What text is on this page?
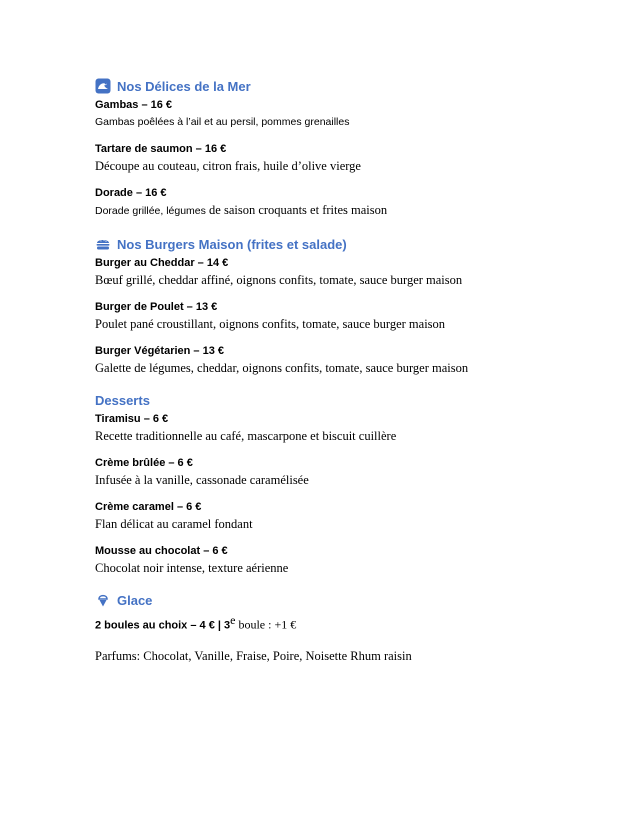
Nos Délices de la Mer

Gambas – 16 €

Gambas poêlées à l’ail et au persil, pommes grenailles

Tartare de saumon – 16 €

Découpe au couteau, citron frais, huile d’olive vierge

Dorade – 16 €

Dorade grillée, légumes de saison croquants et frites maison

Nos Burgers Maison (frites et salade)

Burger au Cheddar – 14 €

Bœuf grillé, cheddar affiné, oignons confits, tomate, sauce burger maison

Burger de Poulet – 13 €

Poulet pané croustillant, oignons confits, tomate, sauce burger maison

Burger Végétarien – 13 €

Galette de légumes, cheddar, oignons confits, tomate, sauce burger maison

Desserts

Tiramisu – 6 €

Recette traditionnelle au café, mascarpone et biscuit cuillère

Crème brûlée – 6 €

Infusée à la vanille, cassonade caramélisée

Crème caramel – 6 €

Flan délicat au caramel fondant

Mousse au chocolat – 6 €

Chocolat noir intense, texture aérienne

Glace

2 boules au choix – 4 € | 3e boule : +1 €

Parfums: Chocolat, Vanille, Fraise, Poire, Noisette Rhum raisin
